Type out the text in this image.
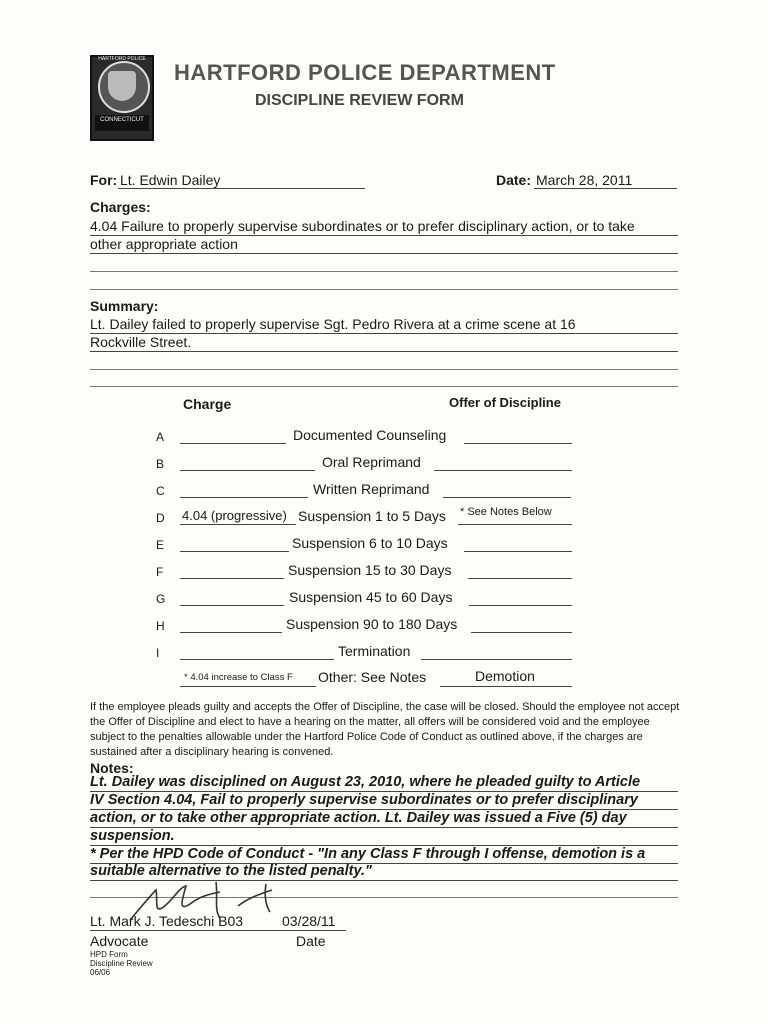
HARTFORD POLICE
CONNECTICUT
HARTFORD POLICE DEPARTMENT
DISCIPLINE REVIEW FORM
For: Lt. Edwin Dailey	Date: March 28, 2011
Charges:
4.04 Failure to properly supervise subordinates or to prefer disciplinary action, or to take
other appropriate action
Summary:
Lt. Dailey failed to properly supervise Sgt. Pedro Rivera at a crime scene at 16
Rockville Street.
Charge	Offer of Discipline
A	Documented Counseling
B	Oral Reprimand
C	Written Reprimand
D 4.04 (progressive) Suspension 1 to 5 Days * See Notes Below
E	Suspension 6 to 10 Days
F	Suspension 15 to 30 Days
G	Suspension 45 to 60 Days
H	Suspension 90 to 180 Days
I	Termination
* 4.04 increase to Class F Other: See Notes	Demotion
If the employee pleads guilty and accepts the Offer of Discipline, the case will be closed. Should the employee not accept the Offer of Discipline and elect to have a hearing on the matter, all offers will be considered void and the employee subject to the penalties allowable under the Hartford Police Code of Conduct as outlined above, if the charges are sustained after a disciplinary hearing is convened.
Notes:
Lt. Dailey was disciplined on August 23, 2010, where he pleaded guilty to Article
IV Section 4.04, Fail to properly supervise subordinates or to prefer disciplinary
action, or to take other appropriate action. Lt. Dailey was issued a Five (5) day
suspension.
* Per the HPD Code of Conduct - "In any Class F through I offense, demotion is a
suitable alternative to the listed penalty."
Lt. Mark J. Tedeschi B03	03/28/11
Advocate	Date
HPD Form
Discipline Review
06/06
